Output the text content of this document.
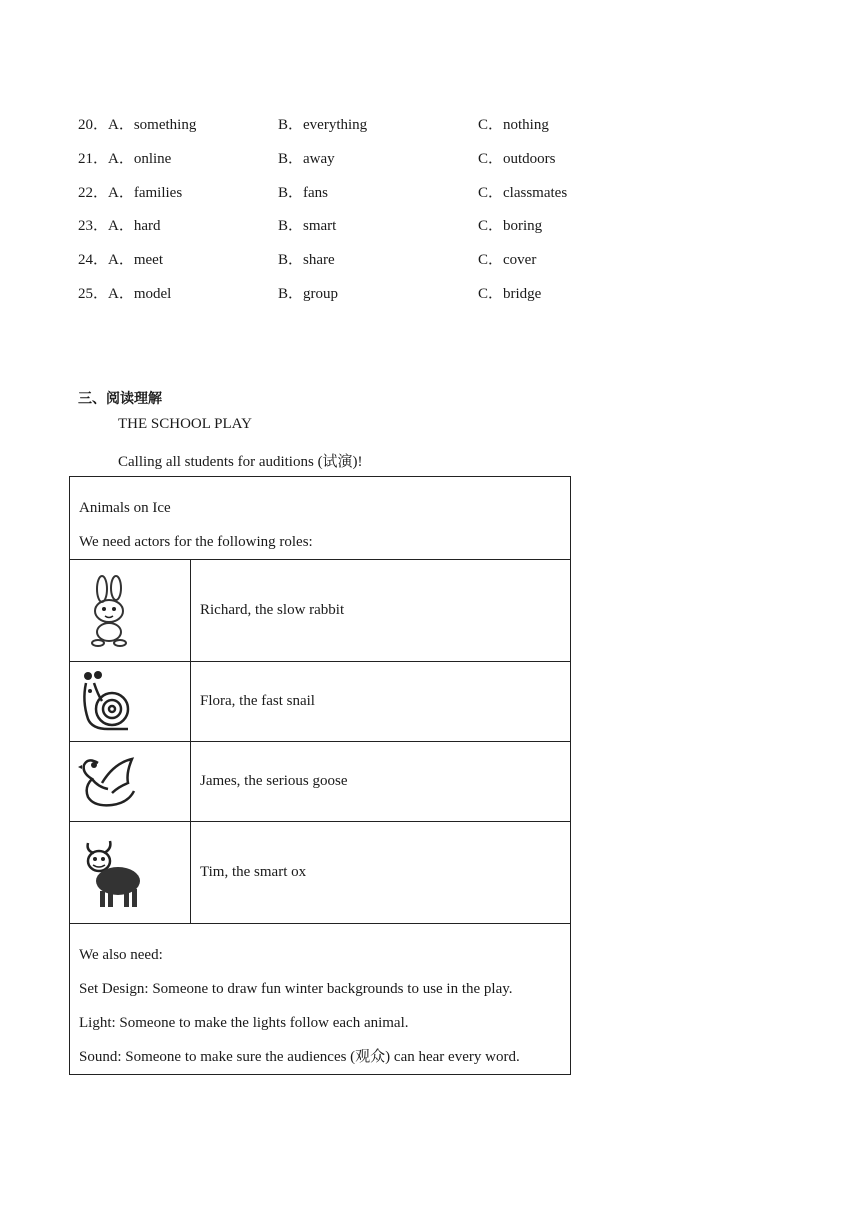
20．A．something	B．everything	C．nothing
21．A．online	B．away	C．outdoors
22．A．families	B．fans	C．classmates
23．A．hard	B．smart	C．boring
24．A．meet	B．share	C．cover
25．A．model	B．group	C．bridge
三、阅读理解
THE SCHOOL PLAY
Calling all students for auditions (试演)!

Animals on Ice

We need actors for the following roles:	

	Richard, the slow rabbit

	Flora, the fast snail

	James, the serious goose

	Tim, the smart ox

We also need:

Set Design: Someone to draw fun winter backgrounds to use in the play.

Light: Someone to make the lights follow each animal.

Sound: Someone to make sure the audiences (观众) can hear every word.	
